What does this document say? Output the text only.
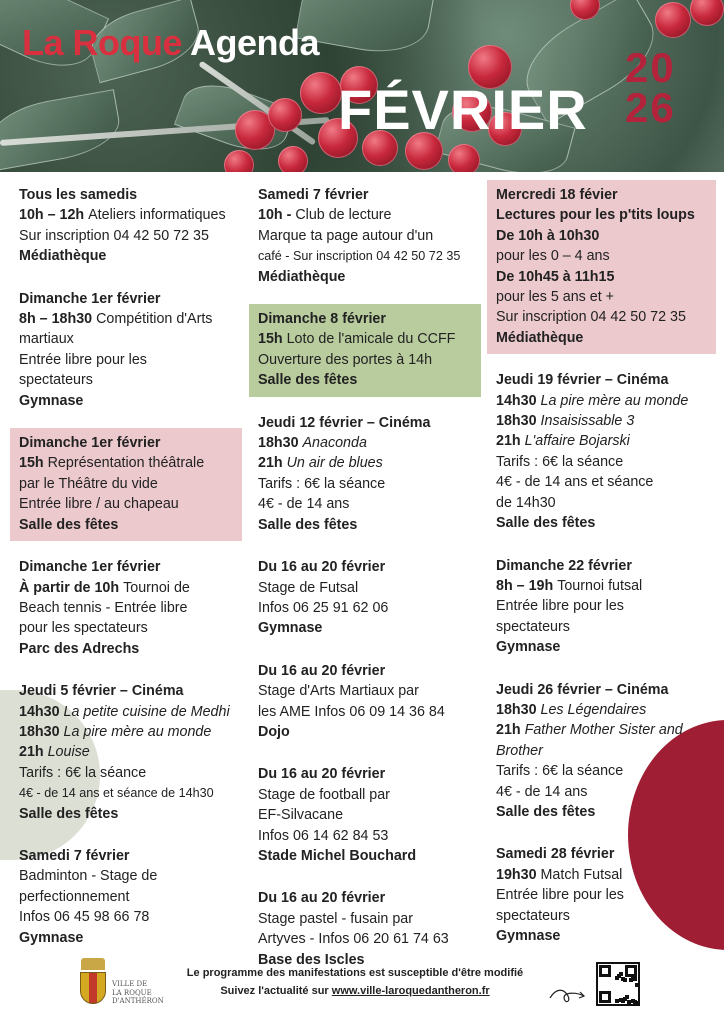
La Roque Agenda
FÉVRIER
20
26
Tous les samedis
10h – 12h Ateliers informatiques
Sur inscription 04 42 50 72 35
Médiathèque
Dimanche 1er février
8h – 18h30 Compétition d'Arts
martiaux
Entrée libre pour les
spectateurs
Gymnase
Dimanche 1er février
15h Représentation théâtrale
par le Théâtre du vide
Entrée libre / au chapeau
Salle des fêtes
Dimanche 1er février
À partir de 10h Tournoi de
Beach tennis - Entrée libre
pour les spectateurs
Parc des Adrechs
Jeudi 5 février – Cinéma
14h30 La petite cuisine de Medhi
18h30 La pire mère au monde
21h Louise
Tarifs : 6€ la séance
4€ - de 14 ans et séance de 14h30
Salle des fêtes
Samedi 7 février
Badminton - Stage de
perfectionnement
Infos 06 45 98 66 78
Gymnase
Samedi 7 février
10h - Club de lecture
Marque ta page autour d'un
café - Sur inscription 04 42 50 72 35
Médiathèque
Dimanche 8 février
15h Loto de l'amicale du CCFF
Ouverture des portes à 14h
Salle des fêtes
Jeudi 12 février – Cinéma
18h30 Anaconda
21h Un air de blues
Tarifs : 6€ la séance
4€ - de 14 ans
Salle des fêtes
Du 16 au 20 février
Stage de Futsal
Infos 06 25 91 62 06
Gymnase
Du 16 au 20 février
Stage d'Arts Martiaux par
les AME Infos 06 09 14 36 84
Dojo
Du 16 au 20 février
Stage de football par
EF-Silvacane
Infos 06 14 62 84 53
Stade Michel Bouchard
Du 16 au 20 février
Stage pastel - fusain par
Artyves - Infos 06 20 61 74 63
Base des Iscles
Mercredi 18 févier
Lectures pour les p'tits loups
De 10h à 10h30
pour les 0 – 4 ans
De 10h45 à 11h15
pour les 5 ans et +
Sur inscription 04 42 50 72 35
Médiathèque
Jeudi 19 février – Cinéma
14h30 La pire mère au monde
18h30 Insaisissable 3
21h L'affaire Bojarski
Tarifs : 6€ la séance
4€ - de 14 ans et séance
de 14h30
Salle des fêtes
Dimanche 22 février
8h – 19h Tournoi futsal
Entrée libre pour les
spectateurs
Gymnase
Jeudi 26 février – Cinéma
18h30 Les Légendaires
21h Father Mother Sister and
Brother
Tarifs : 6€ la séance
4€ - de 14 ans
Salle des fêtes
Samedi 28 février
19h30 Match Futsal
Entrée libre pour les
spectateurs
Gymnase
VILLE DE
LA ROQUE
D'ANTHÉRON
Le programme des manifestations est susceptible d'être modifié
Suivez l'actualité sur www.ville-laroquedantheron.fr
